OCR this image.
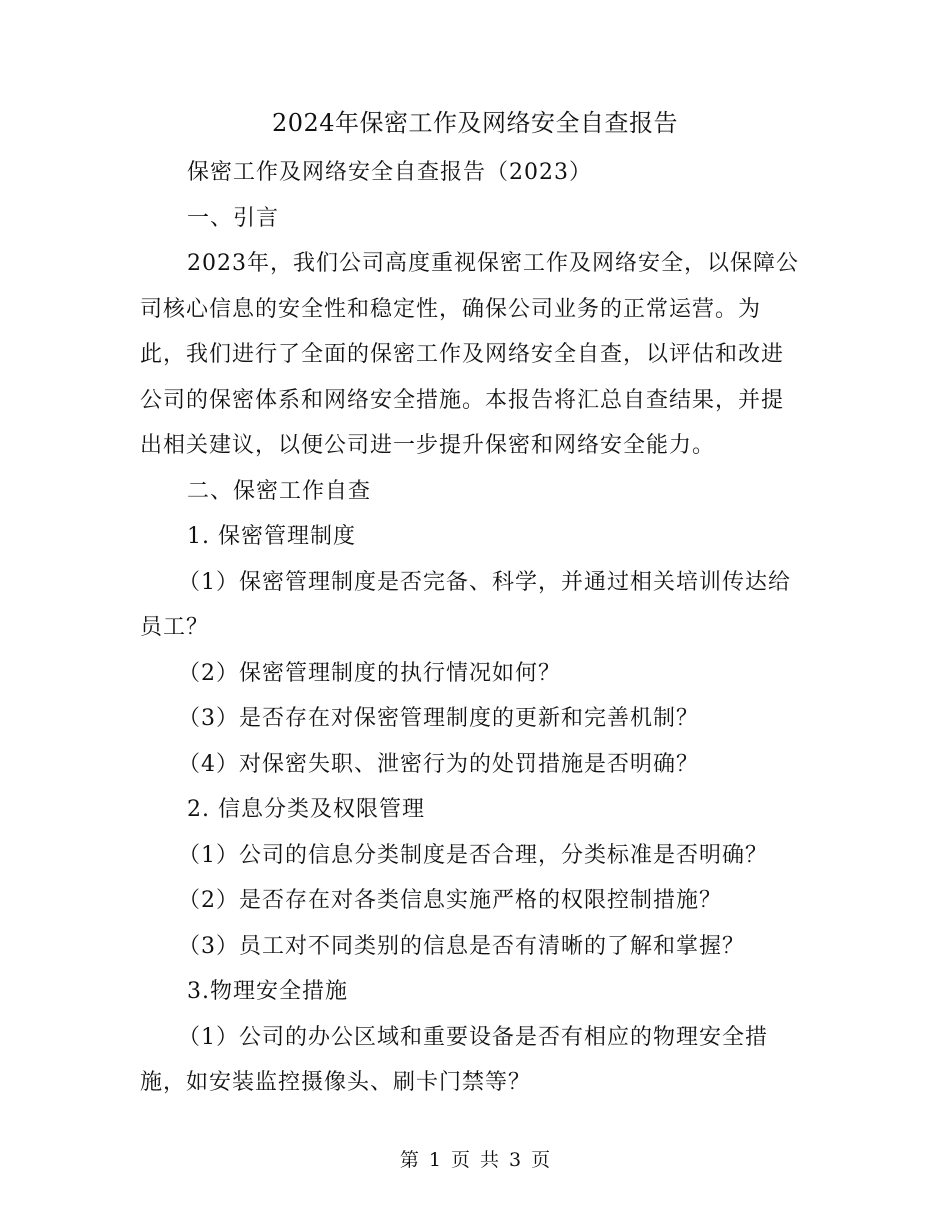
2024年保密工作及网络安全自查报告

保密工作及网络安全自查报告（2023）

一、引言

2023年，我们公司高度重视保密工作及网络安全，以保障公司核心信息的安全性和稳定性，确保公司业务的正常运营。为此，我们进行了全面的保密工作及网络安全自查，以评估和改进公司的保密体系和网络安全措施。本报告将汇总自查结果，并提出相关建议，以便公司进一步提升保密和网络安全能力。

二、保密工作自查

1. 保密管理制度

（1）保密管理制度是否完备、科学，并通过相关培训传达给员工？

（2）保密管理制度的执行情况如何？

（3）是否存在对保密管理制度的更新和完善机制？

（4）对保密失职、泄密行为的处罚措施是否明确？

2. 信息分类及权限管理

（1）公司的信息分类制度是否合理，分类标准是否明确？

（2）是否存在对各类信息实施严格的权限控制措施？

（3）员工对不同类别的信息是否有清晰的了解和掌握？

3.物理安全措施

（1）公司的办公区域和重要设备是否有相应的物理安全措施，如安装监控摄像头、刷卡门禁等？

第 1 页 共 3 页
